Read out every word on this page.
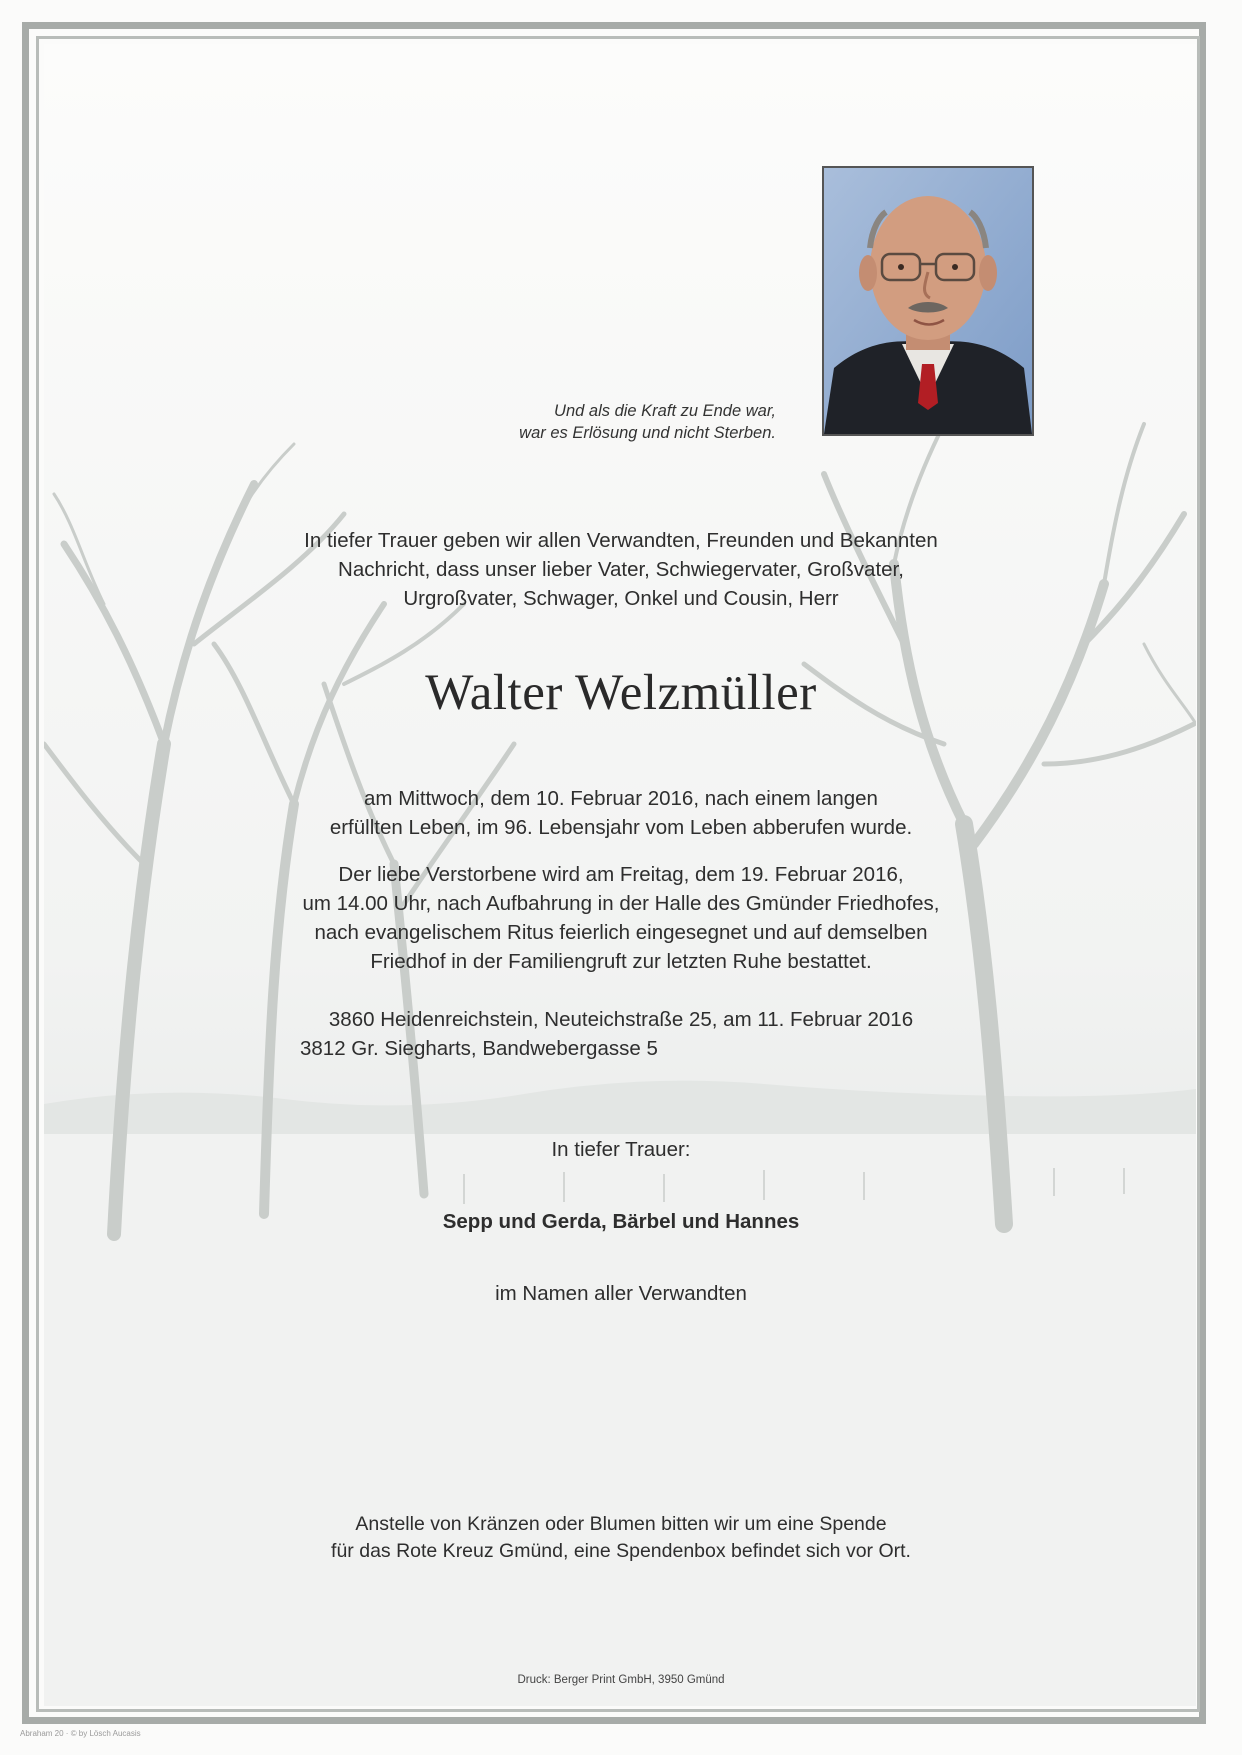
Und als die Kraft zu Ende war,
war es Erlösung und nicht Sterben.
In tiefer Trauer geben wir allen Verwandten, Freunden und Bekannten
Nachricht, dass unser lieber Vater, Schwiegervater, Großvater,
Urgroßvater, Schwager, Onkel und Cousin, Herr
Walter Welzmüller
am Mittwoch, dem 10. Februar 2016, nach einem langen
erfüllten Leben, im 96. Lebensjahr vom Leben abberufen wurde.
Der liebe Verstorbene wird am Freitag, dem 19. Februar 2016,
um 14.00 Uhr, nach Aufbahrung in der Halle des Gmünder Friedhofes,
nach evangelischem Ritus feierlich eingesegnet und auf demselben
Friedhof in der Familiengruft zur letzten Ruhe bestattet.
3860 Heidenreichstein, Neuteichstraße 25, am 11. Februar 2016
3812 Gr. Siegharts, Bandwebergasse 5
In tiefer Trauer:
Sepp und Gerda, Bärbel und Hannes
im Namen aller Verwandten
Anstelle von Kränzen oder Blumen bitten wir um eine Spende
für das Rote Kreuz Gmünd, eine Spendenbox befindet sich vor Ort.
Druck: Berger Print GmbH, 3950 Gmünd
Abraham 20 · © by Lösch Aucasis
